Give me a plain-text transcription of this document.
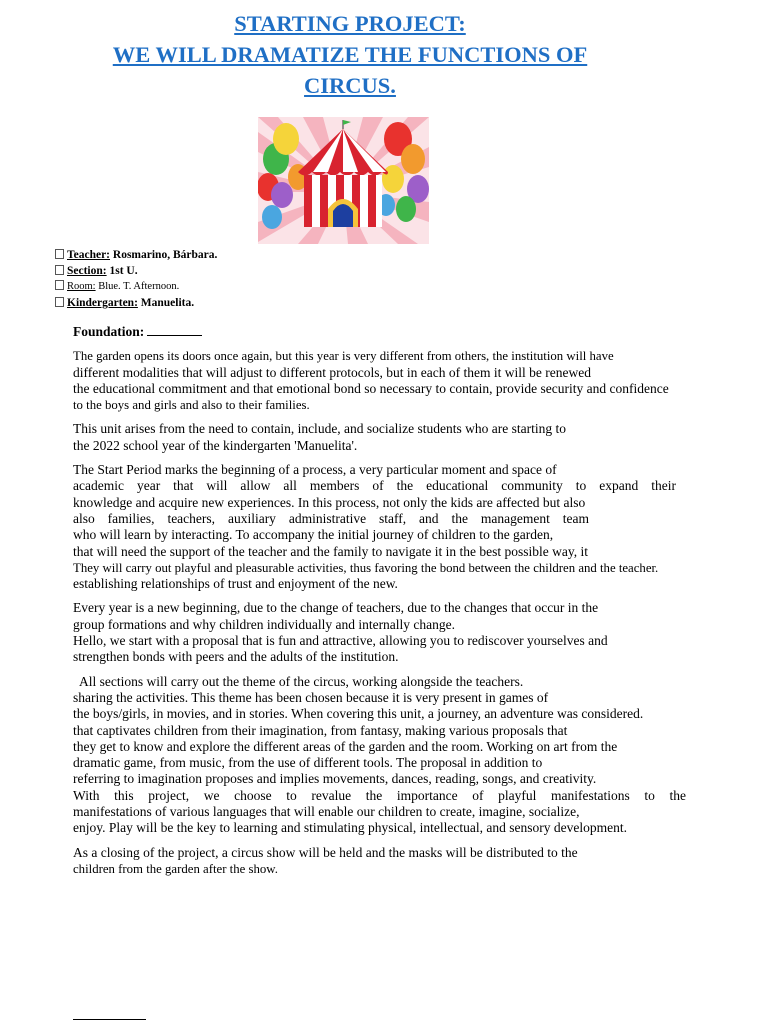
STARTING PROJECT:
WE WILL DRAMATIZE THE FUNCTIONS OF
CIRCUS.
Teacher: Rosmarino, Bárbara.
Section: 1st U.
Room: Blue. T. Afternoon.
Kindergarten: Manuelita.
Foundation:
The garden opens its doors once again, but this year is very different from others, the institution will have
different modalities that will adjust to different protocols, but in each of them it will be renewed
the educational commitment and that emotional bond so necessary to contain, provide security and confidence
to the boys and girls and also to their families.
This unit arises from the need to contain, include, and socialize students who are starting to
the 2022 school year of the kindergarten 'Manuelita'.
The Start Period marks the beginning of a process, a very particular moment and space of
academic year that will allow all members of the educational community to expand their
knowledge and acquire new experiences. In this process, not only the kids are affected but also
also families, teachers, auxiliary administrative staff, and the management team
who will learn by interacting. To accompany the initial journey of children to the garden,
that will need the support of the teacher and the family to navigate it in the best possible way, it
They will carry out playful and pleasurable activities, thus favoring the bond between the children and the teacher.
establishing relationships of trust and enjoyment of the new.
Every year is a new beginning, due to the change of teachers, due to the changes that occur in the
group formations and why children individually and internally change.
Hello, we start with a proposal that is fun and attractive, allowing you to rediscover yourselves and
strengthen bonds with peers and the adults of the institution.
All sections will carry out the theme of the circus, working alongside the teachers.
sharing the activities. This theme has been chosen because it is very present in games of
the boys/girls, in movies, and in stories. When covering this unit, a journey, an adventure was considered.
that captivates children from their imagination, from fantasy, making various proposals that
they get to know and explore the different areas of the garden and the room. Working on art from the
dramatic game, from music, from the use of different tools. The proposal in addition to
referring to imagination proposes and implies movements, dances, reading, songs, and creativity.
With this project, we choose to revalue the importance of playful manifestations to the
manifestations of various languages that will enable our children to create, imagine, socialize,
enjoy. Play will be the key to learning and stimulating physical, intellectual, and sensory development.
As a closing of the project, a circus show will be held and the masks will be distributed to the
children from the garden after the show.
